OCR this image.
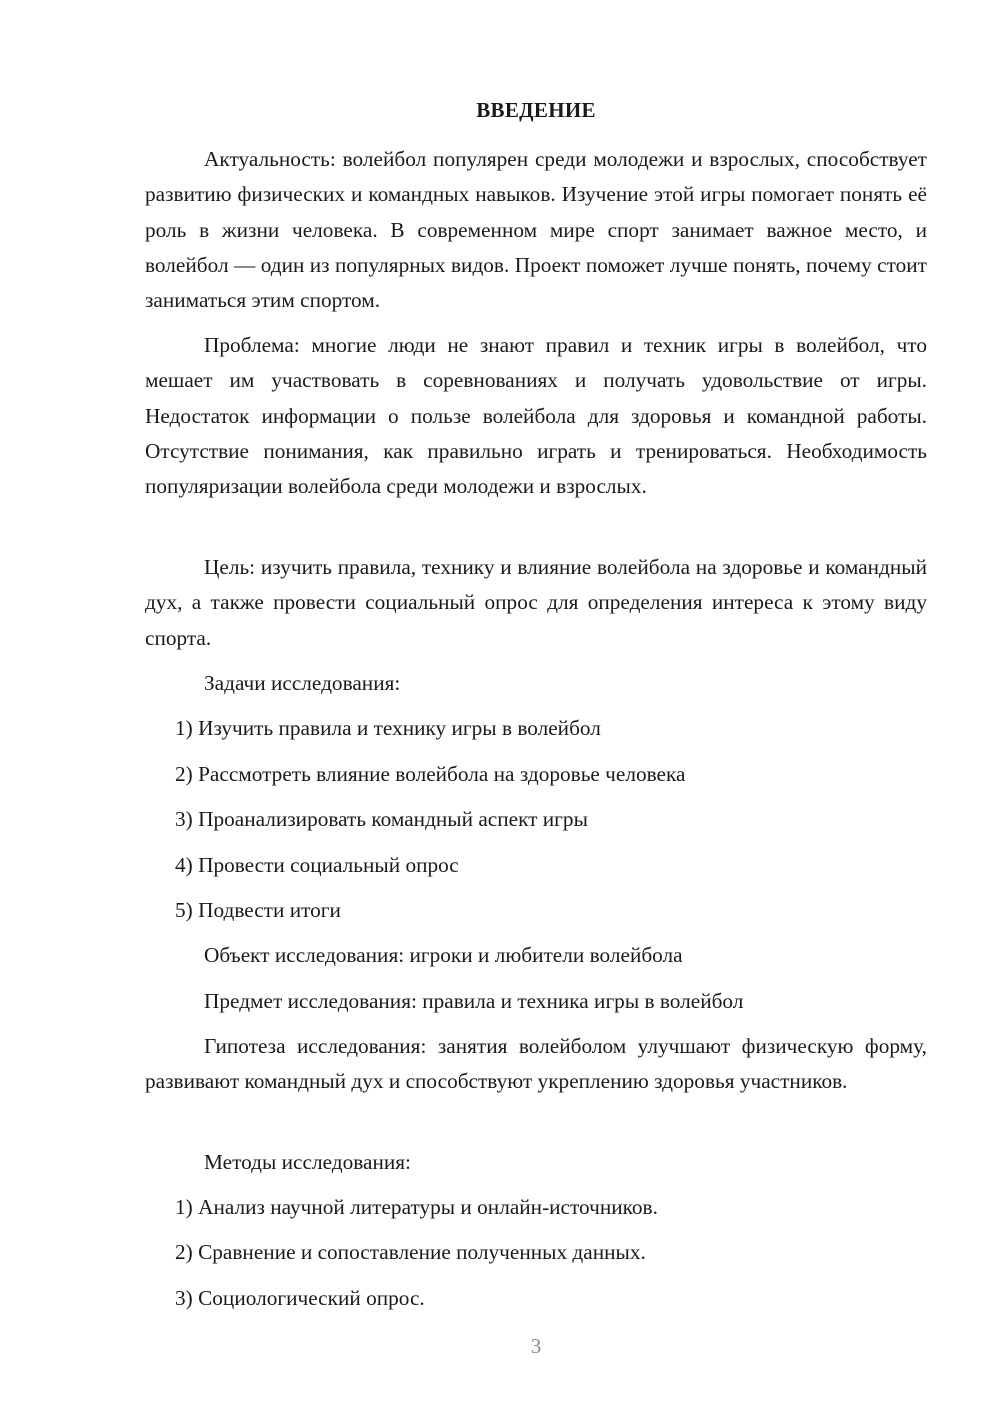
ВВЕДЕНИЕ

Актуальность: волейбол популярен среди молодежи и взрослых, способствует развитию физических и командных навыков. Изучение этой игры помогает понять её роль в жизни человека. В современном мире спорт занимает важное место, и волейбол — один из популярных видов. Проект поможет лучше понять, почему стоит заниматься этим спортом.

Проблема: многие люди не знают правил и техник игры в волейбол, что мешает им участвовать в соревнованиях и получать удовольствие от игры. Недостаток информации о пользе волейбола для здоровья и командной работы. Отсутствие понимания, как правильно играть и тренироваться. Необходимость популяризации волейбола среди молодежи и взрослых.

Цель: изучить правила, технику и влияние волейбола на здоровье и командный дух, а также провести социальный опрос для определения интереса к этому виду спорта.

Задачи исследования:

1) Изучить правила и технику игры в волейбол

2) Рассмотреть влияние волейбола на здоровье человека

3) Проанализировать командный аспект игры

4) Провести социальный опрос

5) Подвести итоги

Объект исследования: игроки и любители волейбола

Предмет исследования: правила и техника игры в волейбол

Гипотеза исследования: занятия волейболом улучшают физическую форму, развивают командный дух и способствуют укреплению здоровья участников.

Методы исследования:

1) Анализ научной литературы и онлайн-источников.

2) Сравнение и сопоставление полученных данных.

3) Социологический опрос.

3
